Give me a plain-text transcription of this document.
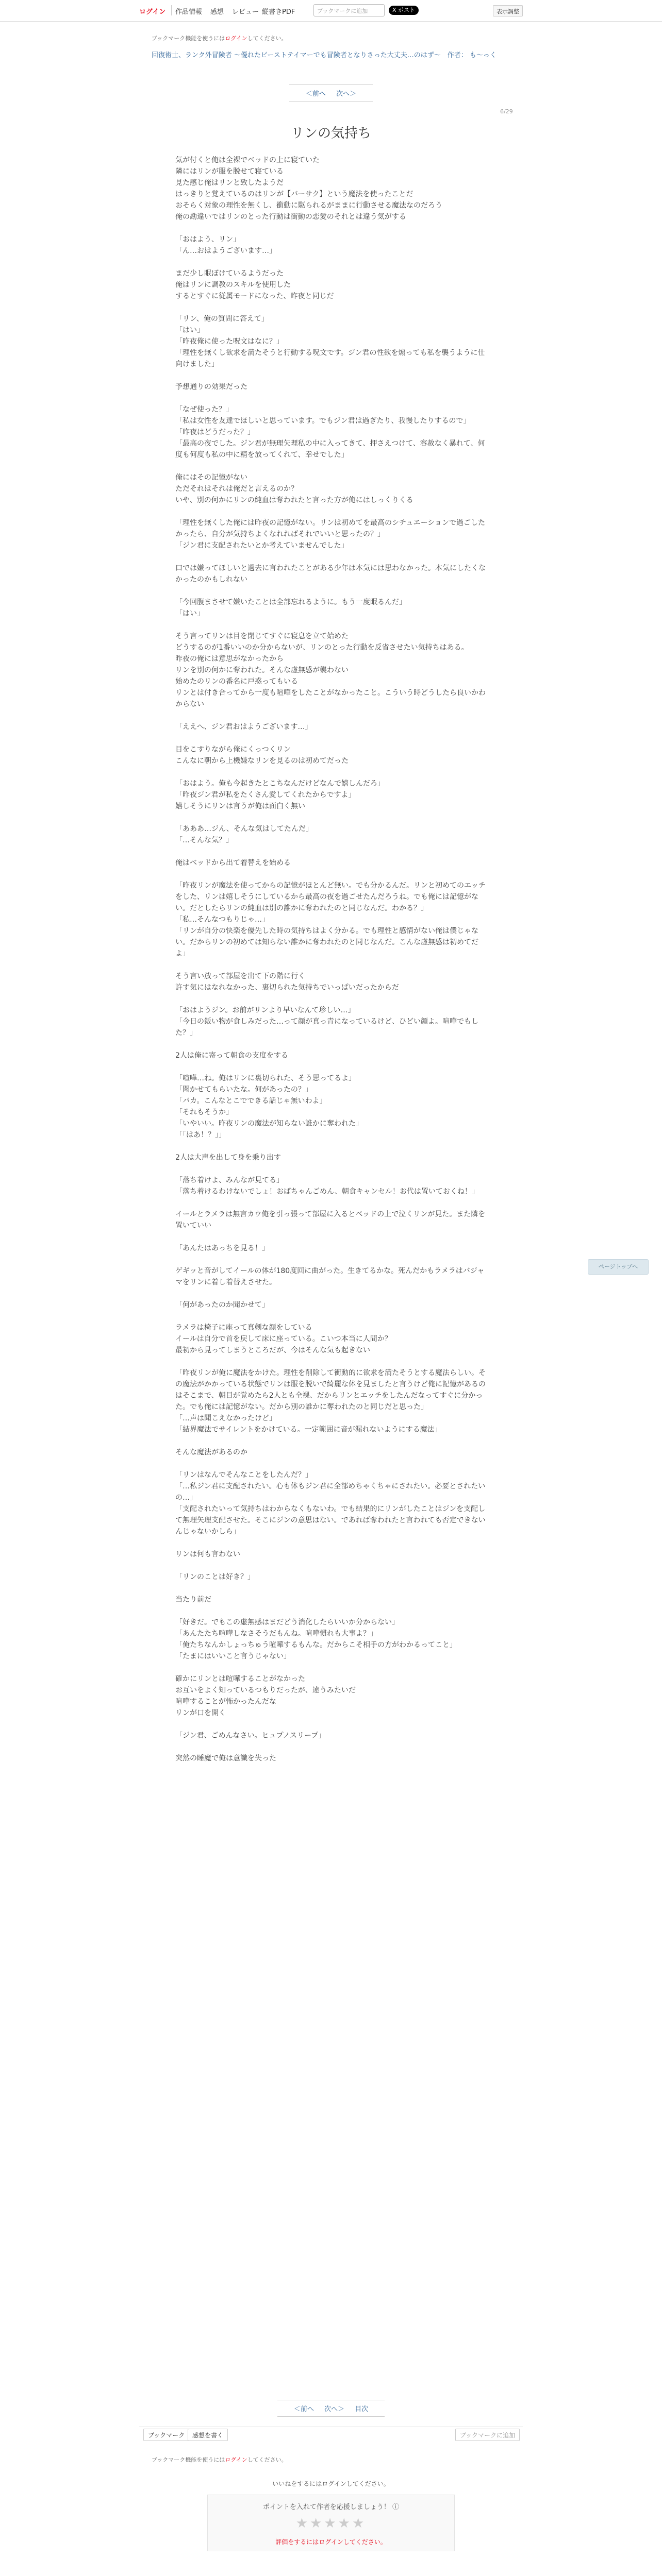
ログイン 作品情報 感想 レビュー 縦書きPDF	ブックマークに追加	X ポスト	表示調整
ブックマーク機能を使うにはログインしてください。
回復術士、ランク外冒険者 ～優れたビーストテイマーでも冒険者となりさった大丈夫…のはず～　作者： も～っく
＜前へ 次へ＞
6/29
リンの気持ち

気が付くと俺は全裸でベッドの上に寝ていた

隣にはリンが服を脱せて寝ている

見た感じ俺はリンと致したようだ

はっきりと覚えているのはリンが【バーサク】という魔法を使ったことだ

おそらく対象の理性を無くし、衝動に駆られるがままに行動させる魔法なのだろう

俺の勘違いではリンのとった行動は衝動の恋愛のそれとは違う気がする

「おはよう、リン」

「ん…おはようございます…」

まだ少し眠ぼけているようだった

俺はリンに調教のスキルを使用した

するとすぐに従属モードになった、昨夜と同じだ

「リン、俺の質問に答えて」

「はい」

「昨夜俺に使った呪文はなに？」

「理性を無くし欲求を満たそうと行動する呪文です。ジン君の性欲を煽っても私を襲うように仕向けました」

予想通りの効果だった

「なぜ使った？」

「私は女性を友達でほしいと思っています。でもジン君は過ぎたり、我慢したりするので」

「昨夜はどうだった？」

「最高の夜でした。ジン君が無理矢理私の中に入ってきて、押さえつけて、容赦なく暴れて、何度も何度も私の中に精を放ってくれて、幸せでした」

俺にはその記憶がない

ただそれはそれは俺だと言えるのか？

いや、別の何かにリンの純血は奪われたと言った方が俺にはしっくりくる

「理性を無くした俺には昨夜の記憶がない。リンは初めてを最高のシチュエーションで過ごしたかったら、自分が気持ちよくなれればそれでいいと思ったの？」

「ジン君に支配されたいとか考えていませんでした」

口では嫌ってほしいと過去に言われたことがある少年は本気には思わなかった。本気にしたくなかったのかもしれない

「今回腹まさせて嫌いたことは全部忘れるように。もう一度眠るんだ」

「はい」

そう言ってリンは目を閉じてすぐに寝息を立て始めた

どうするのが1番いいのか分からないが、リンのとった行動を反省させたい気持ちはある。

昨夜の俺には意思がなかったから

リンを別の何かに奪われた。そんな虚無感が襲わない

始めたのリンの番名に戸惑ってもいる

リンとは付き合ってから一度も喧嘩をしたことがなかったこと。こういう時どうしたら良いかわからない

「ええへ、ジン君おはようございます…」

目をこすりながら俺にくっつくリン

こんなに朝から上機嫌なリンを見るのは初めてだった

「おはよう。俺も今起きたとこちなんだけどなんで嬉しんだろ」

「昨夜ジン君が私をたくさん愛してくれたからですよ」

嬉しそうにリンは言うが俺は面白く無い

「あああ…ジん、そんな気はしてたんだ」

「…そんな気？」

俺はベッドから出て着替えを始める

「昨夜リンが魔法を使ってからの記憶がほとんど無い。でも分かるんだ。リンと初めてのエッチをした、リンは嬉しそうにしているから最高の夜を過ごせたんだろうね。でも俺には記憶がない。だとしたらリンの純血は別の誰かに奪われたのと同じなんだ。わかる？」

「私…そんなつもりじゃ…」

「リンが自分の快楽を優先した時の気持ちはよく分かる。でも理性と感情がない俺は僕じゃない。だからリンの初めては知らない誰かに奪われたのと同じなんだ。こんな虚無感は初めてだよ」

そう言い放って部屋を出て下の階に行く

許す気にはなれなかった、裏切られた気持ちでいっぱいだったからだ

「おはようジン。お前がリンより早いなんて珍しい…」

「今日の飯い物が食しみだった…って顔が真っ青になっているけど、ひどい顔よ。喧嘩でもした？」

2人は俺に寄って朝食の支度をする

「喧嘩…ね。俺はリンに裏切られた、そう思ってるよ」

「聞かせてもらいたな。何があったの？」

「バカ。こんなとこでできる話じゃ無いわよ」

「それもそうか」

「いやいい。昨夜リンの魔法が知らない誰かに奪われた」

「「はあ！？」」

2人は大声を出して身を乗り出す

「落ち着けよ、みんなが見てる」

「落ち着けるわけないでしょ！おばちゃんごめん、朝食キャンセル！お代は置いておくね！」

イールとラメラは無言カウ俺を引っ張って部屋に入るとベッドの上で泣くリンが見た。また隣を置いていい

「あんたはあっちを見る！」

ゲギッと音がしてイールの体が180度回に曲がった。生きてるかな。死んだかもラメラはバジャマをリンに着し着替えさせた。

「何があったのか聞かせて」

ラメラは椅子に座って真剣な顔をしている

イールは自分で首を戻して床に座っている。こいつ本当に人間か？

最初から見ってしまうところだが、今はそんな気も起きない

「昨夜リンが俺に魔法をかけた。理性を削除して衝動的に欲求を満たそうとする魔法らしい。その魔法がかかっている状態でリンは服を脱いで綺麗な体を見ましたと言うけど俺に記憶があるのはそこまで、朝目が覚めたら2人とも全裸、だからリンとエッチをしたんだなってすぐに分かった。でも俺には記憶がない。だから別の誰かに奪われたのと同じだと思った」

「…声は聞こえなかったけど」

「結界魔法でサイレントをかけている。一定範囲に音が漏れないようにする魔法」

そんな魔法があるのか

「リンはなんでそんなことをしたんだ？」

「…私ジン君に支配されたい。心も体もジン君に全部めちゃくちゃにされたい。必要とされたいの…」

「支配されたいって気持ちはわからなくもないわ。でも結果的にリンがしたことはジンを支配して無理矢理支配させた。そこにジンの意思はない。であれば奪われたと言われても否定できないんじゃないかしら」

リンは何も言わない

「リンのことは好き？」

当たり前だ

「好きだ。でもこの虚無感はまだどう消化したらいいか分からない」

「あんたたち喧嘩しなさそうだもんね。喧嘩慣れも大事よ？」

「俺たちなんかしょっちゅう喧嘩するもんな。だからこそ相手の方がわかるってこと」

「たまにはいいこと言うじゃない」

確かにリンとは喧嘩することがなかった

お互いをよく知っているつもりだったが、違うみたいだ

喧嘩することが怖かったんだな

リンが口を開く

「ジン君、ごめんなさい。ヒュプノスリープ」

突然の睡魔で俺は意識を失った

ページトップへ
＜前へ 次へ＞ 目次
ブックマーク	感想を書く	ブックマークに追加
ブックマーク機能を使うにはログインしてください。
いいねをするにはログインしてください。
ポイントを入れて作者を応援しましょう！ ⓘ
★★★★★
評価をするにはログインしてください。
